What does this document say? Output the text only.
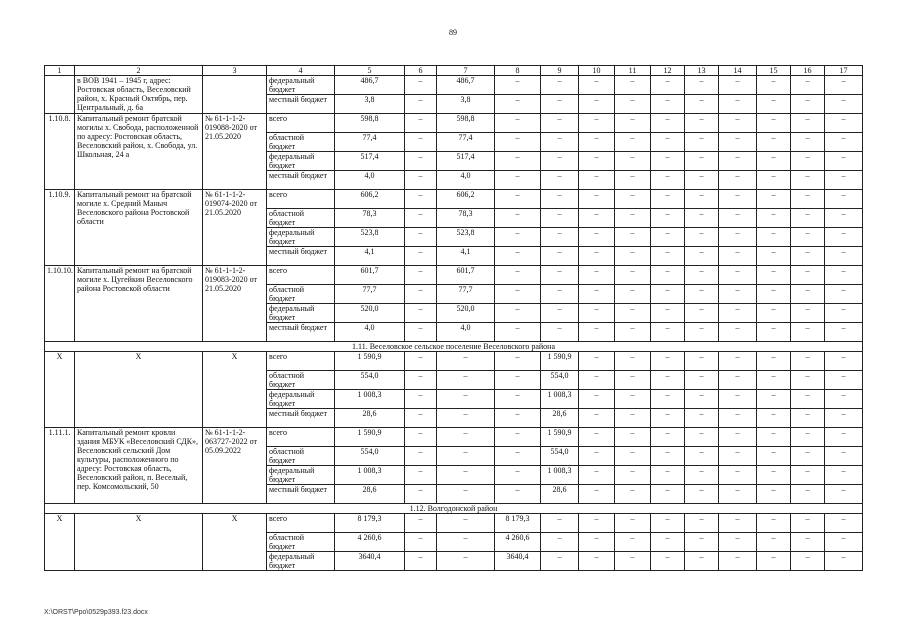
89
1	2	3	4	5	6	7	8	9	10	11	12	13	14	15	16	17
	в ВОВ 1941 – 1945 г, адрес: Ростовская область, Веселовский район, х. Красный Октябрь, пер. Центральный, д. 6а		федеральный бюджет	486,7	–	486,7	–	–	–	–	–	–	–	–	–	–
			местный бюджет	3,8	–	3,8	–	–	–	–	–	–	–	–	–	–
1.10.8.	Капитальный ремонт братской могилы х. Свобода, расположенной по адресу: Ростовская область, Веселовский район, х. Свобода, ул. Школьная, 24 а	№ 61-1-1-2-019088-2020 от 21.05.2020	всего	598,8	–	598,8	–	–	–	–	–	–	–	–	–	–
			областной бюджет	77,4	–	77,4	–	–	–	–	–	–	–	–	–	–
			федеральный бюджет	517,4	–	517,4	–	–	–	–	–	–	–	–	–	–
			местный бюджет	4,0	–	4,0	–	–	–	–	–	–	–	–	–	–
1.10.9.	Капитальный ремонт на братской могиле х. Средний Маныч Веселовского района Ростовской области	№ 61-1-1-2-019074-2020 от 21.05.2020	всего	606,2	–	606,2	–	–	–	–	–	–	–	–	–	–
			областной бюджет	78,3	–	78,3	–	–	–	–	–	–	–	–	–	–
			федеральный бюджет	523,8	–	523,8	–	–	–	–	–	–	–	–	–	–
			местный бюджет	4,1	–	4,1	–	–	–	–	–	–	–	–	–	–
1.10.10.	Капитальный ремонт на братской могиле х. Цугейкин Веселовского района Ростовской области	№ 61-1-1-2-019083-2020 от 21.05.2020	всего	601,7	–	601,7	–	–	–	–	–	–	–	–	–	–
			областной бюджет	77,7	–	77,7	–	–	–	–	–	–	–	–	–	–
			федеральный бюджет	520,0	–	520,0	–	–	–	–	–	–	–	–	–	–
			местный бюджет	4,0	–	4,0	–	–	–	–	–	–	–	–	–	–
1.11. Веселовское сельское поселение Веселовского района																
Х	Х	Х	всего	1 590,9	–	–	–	1 590,9	–	–	–	–	–	–	–	–
			областной бюджет	554,0	–	–	–	554,0	–	–	–	–	–	–	–	–
			федеральный бюджет	1 008,3	–	–	–	1 008,3	–	–	–	–	–	–	–	–
			местный бюджет	28,6	–	–	–	28,6	–	–	–	–	–	–	–	–
1.11.1.	Капитальный ремонт кровли здания МБУК «Веселовский СДК», Веселовский сельский Дом культуры, расположенного по адресу: Ростовская область, Веселовский район, п. Веселый, пер. Комсомольский, 50	№ 61-1-1-2-063727-2022 от 05.09.2022	всего	1 590,9	–	–	–	1 590,9	–	–	–	–	–	–	–	–
			областной бюджет	554,0	–	–	–	554,0	–	–	–	–	–	–	–	–
			федеральный бюджет	1 008,3	–	–	–	1 008,3	–	–	–	–	–	–	–	–
			местный бюджет	28,6	–	–	–	28,6	–	–	–	–	–	–	–	–
1.12. Волгодонской район																
Х	Х	Х	всего	8 179,3	–	–	8 179,3	–	–	–	–	–	–	–	–	–
			областной бюджет	4 260,6	–	–	4 260,6	–	–	–	–	–	–	–	–	–
			федеральный бюджет	3640,4	–	–	3640,4	–	–	–	–	–	–	–	–	–
X:\ORST\Ppo\0529p393.f23.docx
